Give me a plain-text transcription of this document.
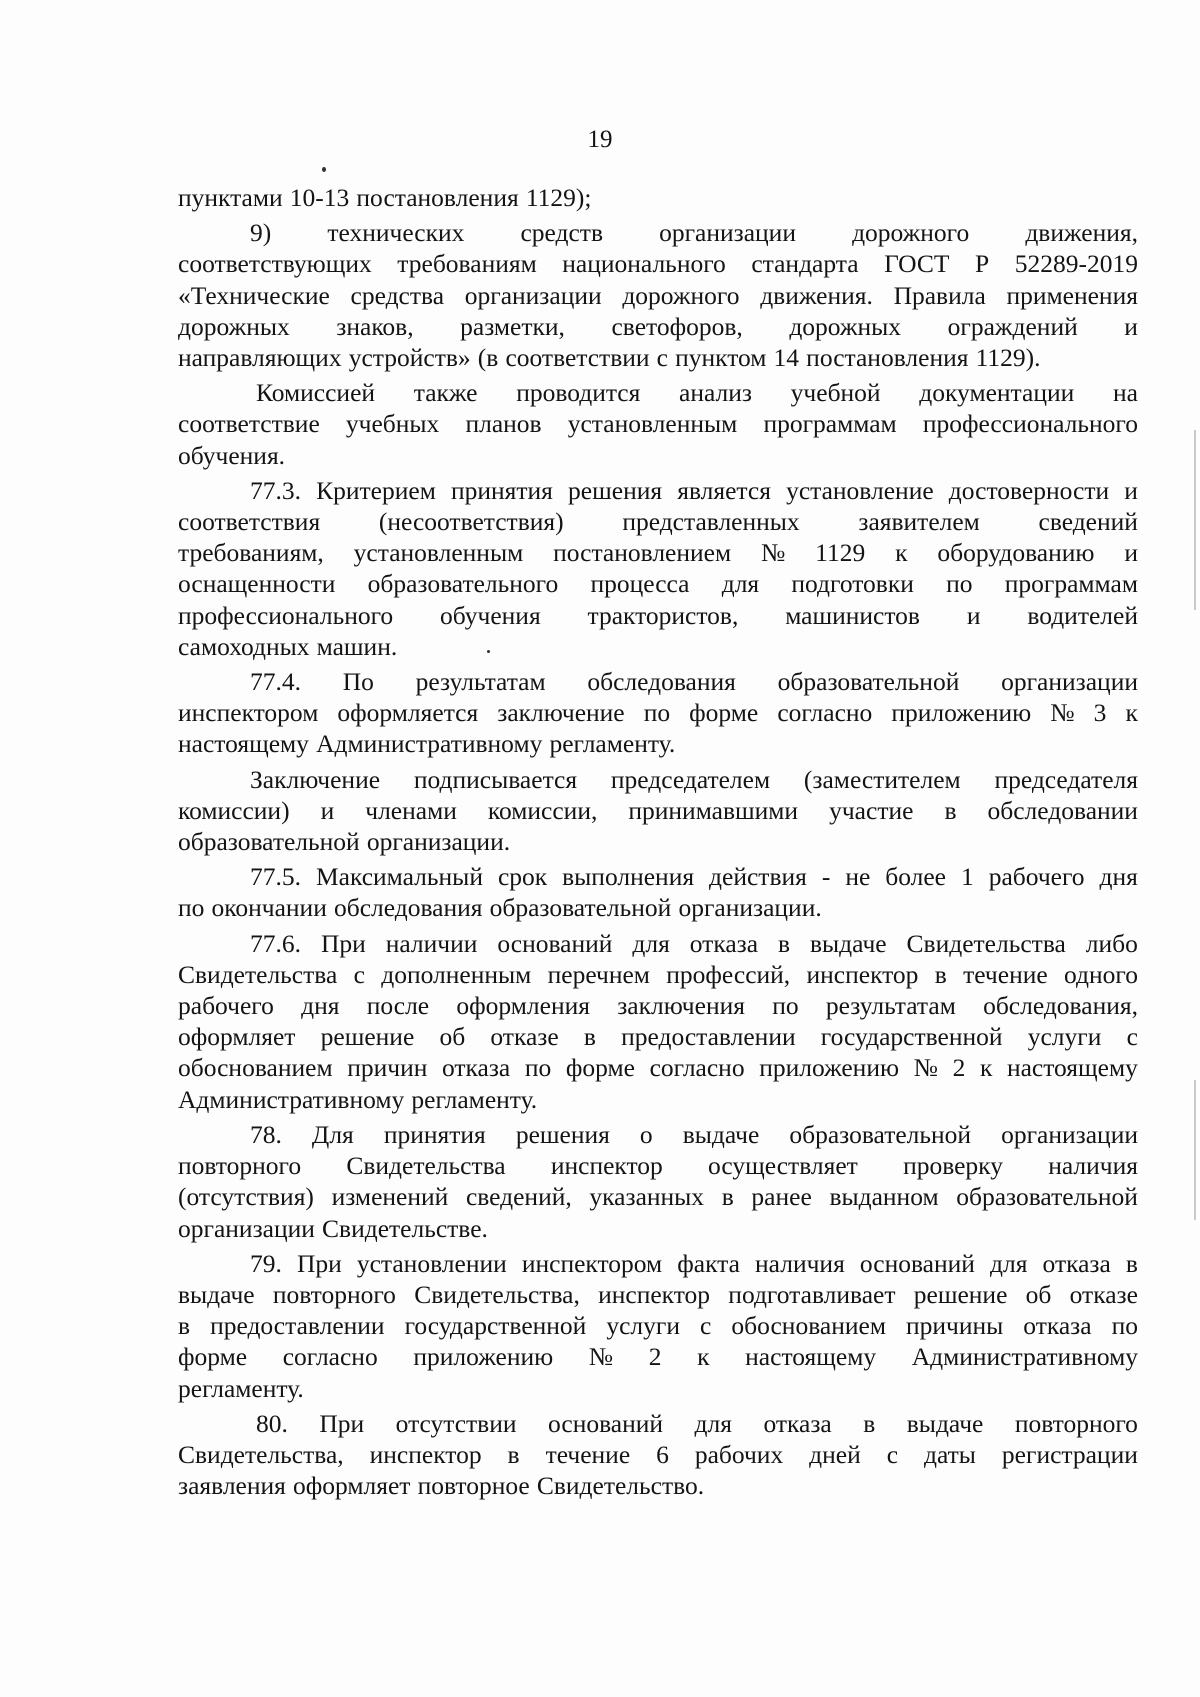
19
пунктами 10-13 постановления 1129);
9) технических средств организации дорожного движения,
соответствующих требованиям национального стандарта ГОСТ Р 52289-2019
«Технические средства организации дорожного движения. Правила применения
дорожных знаков, разметки, светофоров, дорожных ограждений и
направляющих устройств» (в соответствии с пунктом 14 постановления 1129).
Комиссией также проводится анализ учебной документации на
соответствие учебных планов установленным программам профессионального
обучения.
77.3. Критерием принятия решения является установление достоверности и
соответствия (несоответствия) представленных заявителем сведений
требованиям, установленным постановлением № 1129 к оборудованию и
оснащенности образовательного процесса для подготовки по программам
профессионального обучения трактористов, машинистов и водителей
самоходных машин.
77.4. По результатам обследования образовательной организации
инспектором оформляется заключение по форме согласно приложению № 3 к
настоящему Административному регламенту.
Заключение подписывается председателем (заместителем председателя
комиссии) и членами комиссии, принимавшими участие в обследовании
образовательной организации.
77.5. Максимальный срок выполнения действия - не более 1 рабочего дня
по окончании обследования образовательной организации.
77.6. При наличии оснований для отказа в выдаче Свидетельства либо
Свидетельства с дополненным перечнем профессий, инспектор в течение одного
рабочего дня после оформления заключения по результатам обследования,
оформляет решение об отказе в предоставлении государственной услуги с
обоснованием причин отказа по форме согласно приложению № 2 к настоящему
Административному регламенту.
78. Для принятия решения о выдаче образовательной организации
повторного Свидетельства инспектор осуществляет проверку наличия
(отсутствия) изменений сведений, указанных в ранее выданном образовательной
организации Свидетельстве.
79. При установлении инспектором факта наличия оснований для отказа в
выдаче повторного Свидетельства, инспектор подготавливает решение об отказе
в предоставлении государственной услуги с обоснованием причины отказа по
форме согласно приложению № 2 к настоящему Административному
регламенту.
80. При отсутствии оснований для отказа в выдаче повторного
Свидетельства, инспектор в течение 6 рабочих дней с даты регистрации
заявления оформляет повторное Свидетельство.
